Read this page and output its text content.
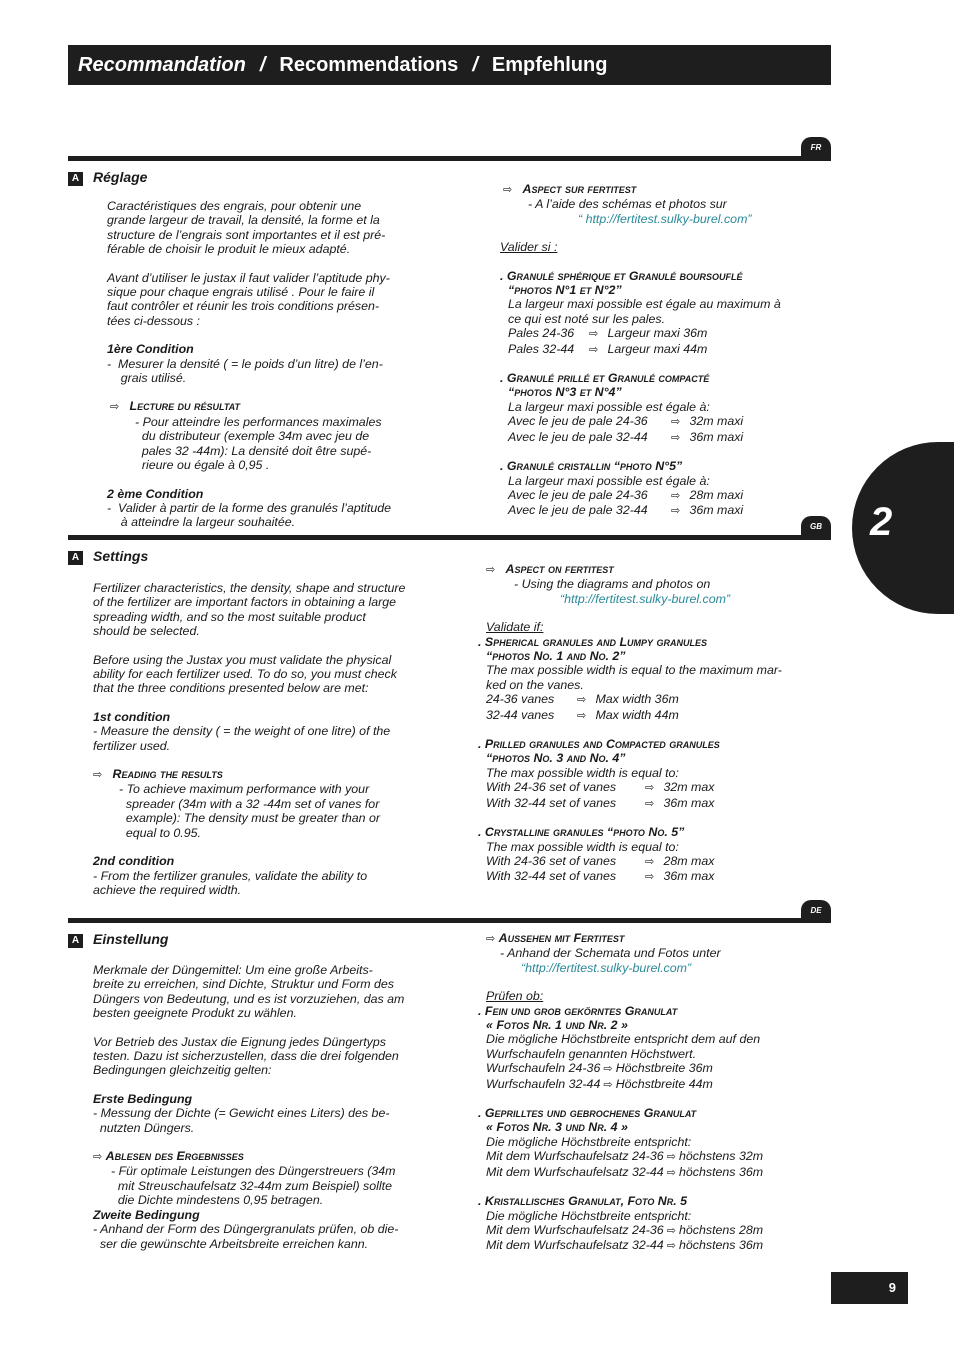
Recommandation / Recommendations / Empfehlung
2
FR
A Réglage
Caractéristiques des engrais, pour obtenir une
grande largeur de travail, la densité, la forme et la
structure de l’engrais sont importantes et il est pré-
férable de choisir le produit le mieux adapté.
Avant d’utiliser le justax il faut valider l’aptitude phy-
sique pour chaque engrais utilisé . Pour le faire il
faut contrôler et réunir les trois conditions présen-
tées ci-dessous :
1ère Condition
-  Mesurer la densité ( = le poids d’un litre) de l’en-
grais utilisé.
⇨ Lecture du résultat
- Pour atteindre les performances maximales
du distributeur (exemple 34m avec jeu de
pales 32 -44m): La densité doit être supé-
rieure ou égale à 0,95 .
2 ème Condition
-  Valider à partir de la forme des granulés l’aptitude
à atteindre la largeur souhaitée.
⇨ Aspect sur fertitest
- A l’aide des schémas et photos sur
“ http://fertitest.sulky-burel.com”
Valider si :
. Granulé sphérique et Granulé boursouflé
“photos N°1 et N°2”
La largeur maxi possible est égale au maximum à
ce qui est noté sur les pales.
Pales 24-36 ⇨   Largeur maxi 36m
Pales 32-44 ⇨   Largeur maxi 44m
. Granulé prillé et Granulé compacté
“photos N°3 et N°4”
La largeur maxi possible est égale à:
Avec le jeu de pale 24-36 ⇨   32m maxi
Avec le jeu de pale 32-44 ⇨   36m maxi
. Granulé cristallin “photo N°5”
La largeur maxi possible est égale à:
Avec le jeu de pale 24-36 ⇨   28m maxi
Avec le jeu de pale 32-44 ⇨   36m maxi
GB
A Settings
Fertilizer characteristics, the density, shape and structure
of the fertilizer are important factors in obtaining a large
spreading width, and so the most suitable product
should be selected.
Before using the Justax you must validate the physical
ability for each fertilizer used. To do so, you must check
that the three conditions presented below are met:
1st condition
- Measure the density ( = the weight of one litre) of the
fertilizer used.
⇨ Reading the results
- To achieve maximum performance with your
spreader (34m with a 32 -44m set of vanes for
example): The density must be greater than or
equal to 0.95.
2nd condition
- From the fertilizer granules, validate the ability to
achieve the required width.
⇨ Aspect on fertitest
- Using the diagrams and photos on
“http://fertitest.sulky-burel.com”
Validate if:
. Spherical granules and Lumpy granules
“photos No. 1 and No. 2”
The max possible width is equal to the maximum mar-
ked on the vanes.
24-36 vanes ⇨   Max width 36m
32-44 vanes ⇨   Max width 44m
. Prilled granules and Compacted granules
“photos No. 3 and No. 4”
The max possible width is equal to:
With 24-36 set of vanes ⇨   32m max
With 32-44 set of vanes ⇨   36m max
. Crystalline granules “photo No. 5”
The max possible width is equal to:
With 24-36 set of vanes ⇨   28m max
With 32-44 set of vanes ⇨   36m max
DE
A Einstellung
Merkmale der Düngemittel: Um eine große Arbeits-
breite zu erreichen, sind Dichte, Struktur und Form des
Düngers von Bedeutung, und es ist vorzuziehen, das am
besten geeignete Produkt zu wählen.
Vor Betrieb des Justax die Eignung jedes Düngertyps
testen. Dazu ist sicherzustellen, dass die drei folgenden
Bedingungen gleichzeitig gelten:
Erste Bedingung
- Messung der Dichte (= Gewicht eines Liters) des be-
nutzten Düngers.
⇨ Ablesen des Ergebnisses
- Für optimale Leistungen des Düngerstreuers (34m
mit Streuschaufelsatz 32-44m zum Beispiel) sollte
die Dichte mindestens 0,95 betragen.
Zweite Bedingung
- Anhand der Form des Düngergranulats prüfen, ob die-
ser die gewünschte Arbeitsbreite erreichen kann.
⇨ Aussehen mit Fertitest
- Anhand der Schemata und Fotos unter
“http://fertitest.sulky-burel.com”
Prüfen ob:
. Fein und grob gekörntes Granulat
« Fotos Nr. 1 und Nr. 2 »
Die mögliche Höchstbreite entspricht dem auf den
Wurfschaufeln genannten Höchstwert.
Wurfschaufeln 24-36 ⇨ Höchstbreite 36m
Wurfschaufeln 32-44 ⇨ Höchstbreite 44m
. Geprilltes und gebrochenes Granulat
« Fotos Nr. 3 und Nr. 4 »
Die mögliche Höchstbreite entspricht:
Mit dem Wurfschaufelsatz 24-36 ⇨ höchstens 32m
Mit dem Wurfschaufelsatz 32-44 ⇨ höchstens 36m
. Kristallisches Granulat, Foto Nr. 5
Die mögliche Höchstbreite entspricht:
Mit dem Wurfschaufelsatz 24-36 ⇨ höchstens 28m
Mit dem Wurfschaufelsatz 32-44 ⇨ höchstens 36m
9
